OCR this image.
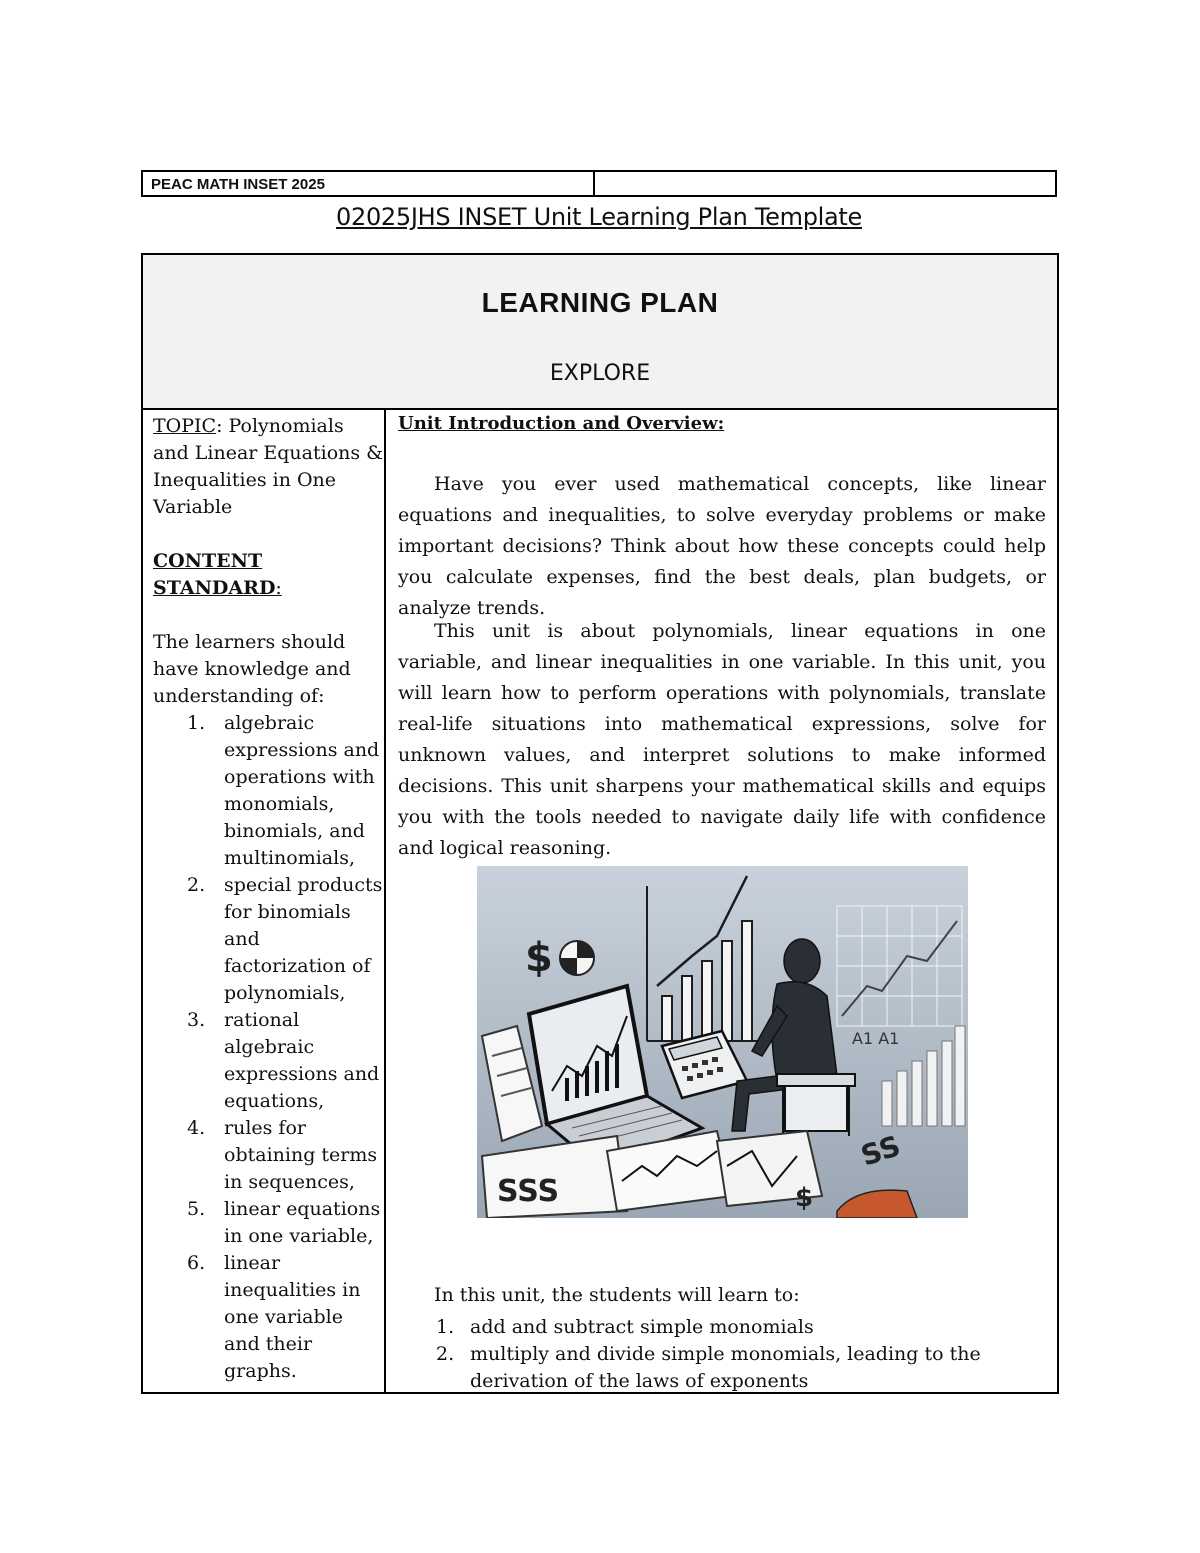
PEAC MATH INSET 2025
02025JHS INSET Unit Learning Plan Template
LEARNING PLAN
EXPLORE

TOPIC: Polynomials and Linear Equations & Inequalities in One Variable

CONTENT STANDARD:

The learners should have knowledge and understanding of:

1. algebraic expressions and operations with monomials, binomials, and multinomials,
2. special products for binomials and factorization of polynomials,
3. rational algebraic expressions and equations,
4. rules for obtaining terms in sequences,
5. linear equations in one variable,
6. linear inequalities in one variable and their graphs.
Unit Introduction and Overview:

Have you ever used mathematical concepts, like linear equations and inequalities, to solve everyday problems or make important decisions? Think about how these concepts could help you calculate expenses, find the best deals, plan budgets, or analyze trends.

This unit is about polynomials, linear equations in one variable, and linear inequalities in one variable. In this unit, you will learn how to perform operations with polynomials, translate real-life situations into mathematical expressions, solve for unknown values, and interpret solutions to make informed decisions. This unit sharpens your mathematical skills and equips you with the tools needed to navigate daily life with confidence and logical reasoning.

$
A1 A1
SSS	$
SS
In this unit, the students will learn to:
1. add and subtract simple monomials
2. multiply and divide simple monomials, leading to the derivation of the laws of exponents
